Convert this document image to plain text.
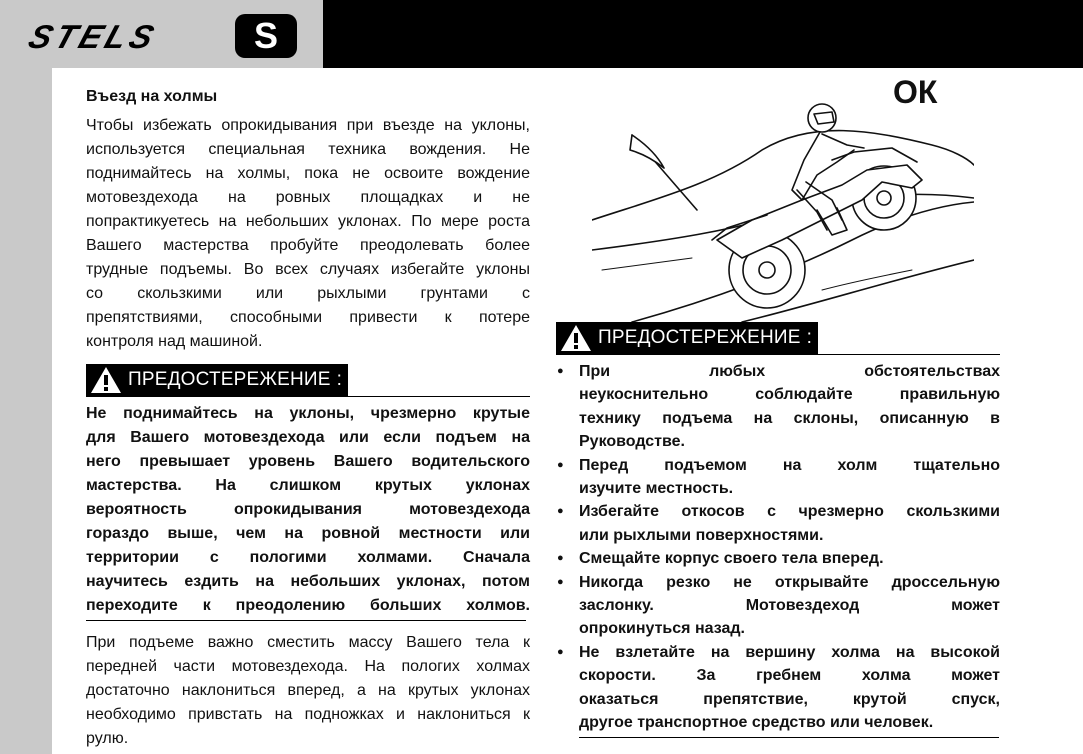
STELS	S
Въезд на холмы

Чтобы избежать опрокидывания при въезде на уклоны,

используется специальная техника вождения. Не

поднимайтесь на холмы, пока не освоите вождение

мотовездехода на ровных площадках и не

попрактикуетесь на небольших уклонах. По мере роста

Вашего мастерства пробуйте преодолевать более

трудные подъемы. Во всех случаях избегайте уклоны

со скользкими или рыхлыми грунтами с

препятствиями, способными привести к потере

контроля над машиной.

ПРЕДОСТЕРЕЖЕНИЕ :

Не поднимайтесь на уклоны, чрезмерно крутые

для Вашего мотовездехода или если подъем на

него превышает уровень Вашего водительского

мастерства. На слишком крутых уклонах

вероятность опрокидывания мотовездехода

гораздо выше, чем на ровной местности или

территории с пологими холмами. Сначала

научитесь ездить на небольших уклонах, потом

переходите к преодолению больших холмов.

При подъеме важно сместить массу Вашего тела к

передней части мотовездехода. На пологих холмах

достаточно наклониться вперед, а на крутых уклонах

необходимо привстать на подножках и наклониться к

рулю.

ОК
ПРЕДОСТЕРЕЖЕНИЕ :
● При любых обстоятельствах
неукоснительно соблюдайте правильную
технику подъема на склоны, описанную в
Руководстве.
● Перед подъемом на холм тщательно
изучите местность.
● Избегайте откосов с чрезмерно скользкими
или рыхлыми поверхностями.
● Смещайте корпус своего тела вперед.
● Никогда резко не открывайте дроссельную
заслонку. Мотовездеход может
опрокинуться назад.
● Не взлетайте на вершину холма на высокой
скорости. За гребнем холма может
оказаться препятствие, крутой спуск,
другое транспортное средство или человек.
